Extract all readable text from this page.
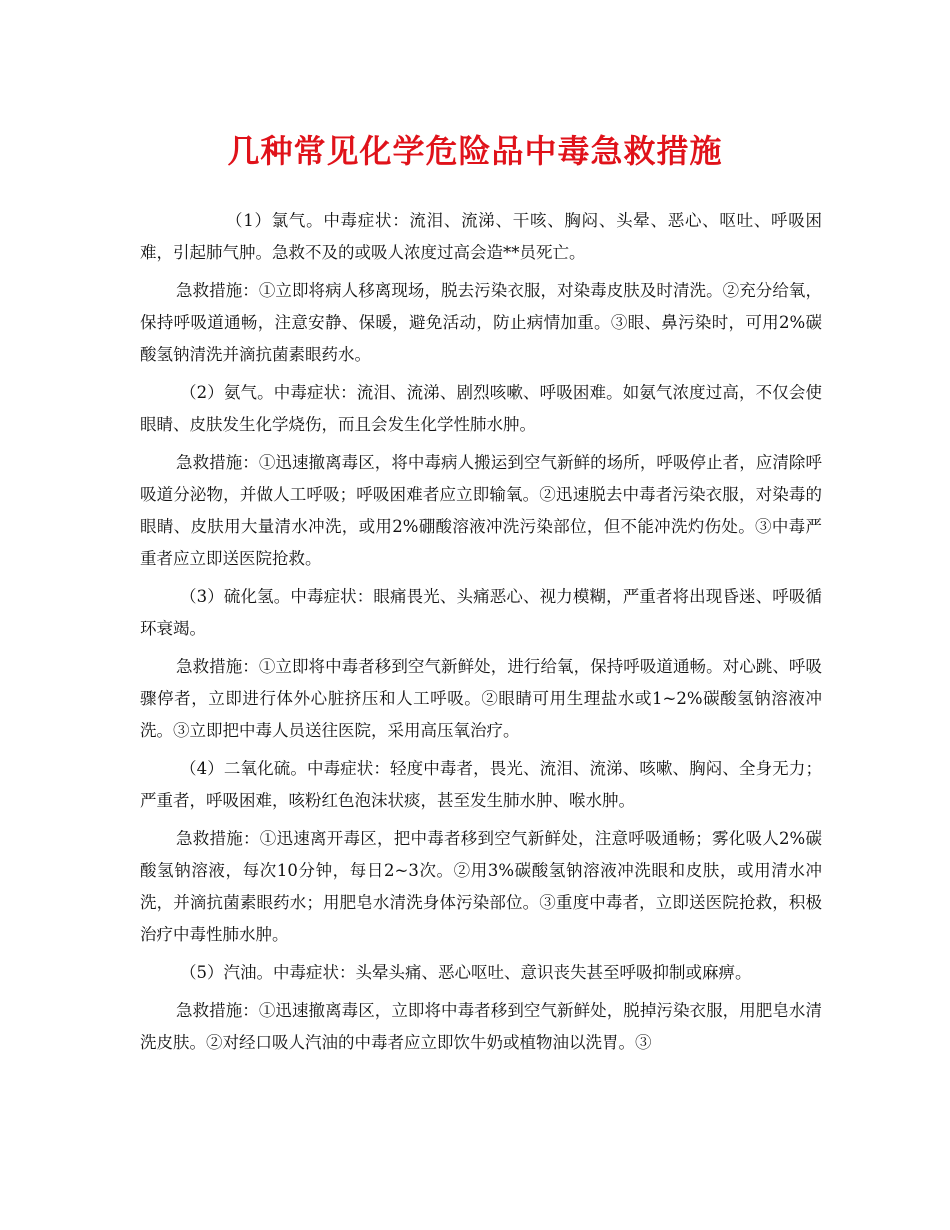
几种常见化学危险品中毒急救措施

（1）氯气。中毒症状：流泪、流涕、干咳、胸闷、头晕、恶心、呕吐、呼吸困难，引起肺气肿。急救不及的或吸人浓度过高会造**员死亡。

急救措施：①立即将病人移离现场，脱去污染衣服，对染毒皮肤及时清洗。②充分给氧，保持呼吸道通畅，注意安静、保暖，避免活动，防止病情加重。③眼、鼻污染时，可用2%碳酸氢钠清洗并滴抗菌素眼药水。

（2）氨气。中毒症状：流泪、流涕、剧烈咳嗽、呼吸困难。如氨气浓度过高，不仅会使眼睛、皮肤发生化学烧伤，而且会发生化学性肺水肿。

急救措施：①迅速撤离毒区，将中毒病人搬运到空气新鲜的场所，呼吸停止者，应清除呼吸道分泌物，并做人工呼吸；呼吸困难者应立即输氧。②迅速脱去中毒者污染衣服，对染毒的眼睛、皮肤用大量清水冲洗，或用2%硼酸溶液冲洗污染部位，但不能冲洗灼伤处。③中毒严重者应立即送医院抢救。

（3）硫化氢。中毒症状：眼痛畏光、头痛恶心、视力模糊，严重者将出现昏迷、呼吸循环衰竭。

急救措施：①立即将中毒者移到空气新鲜处，进行给氧，保持呼吸道通畅。对心跳、呼吸骤停者，立即进行体外心脏挤压和人工呼吸。②眼睛可用生理盐水或1~2%碳酸氢钠溶液冲洗。③立即把中毒人员送往医院，采用高压氧治疗。

（4）二氧化硫。中毒症状：轻度中毒者，畏光、流泪、流涕、咳嗽、胸闷、全身无力；严重者，呼吸困难，咳粉红色泡沫状痰，甚至发生肺水肿、喉水肿。

急救措施：①迅速离开毒区，把中毒者移到空气新鲜处，注意呼吸通畅；雾化吸人2%碳酸氢钠溶液，每次10分钟，每日2~3次。②用3%碳酸氢钠溶液冲洗眼和皮肤，或用清水冲洗，并滴抗菌素眼药水；用肥皂水清洗身体污染部位。③重度中毒者，立即送医院抢救，积极治疗中毒性肺水肿。

（5）汽油。中毒症状：头晕头痛、恶心呕吐、意识丧失甚至呼吸抑制或麻痹。

急救措施：①迅速撤离毒区，立即将中毒者移到空气新鲜处，脱掉污染衣服，用肥皂水清洗皮肤。②对经口吸人汽油的中毒者应立即饮牛奶或植物油以洗胃。③
